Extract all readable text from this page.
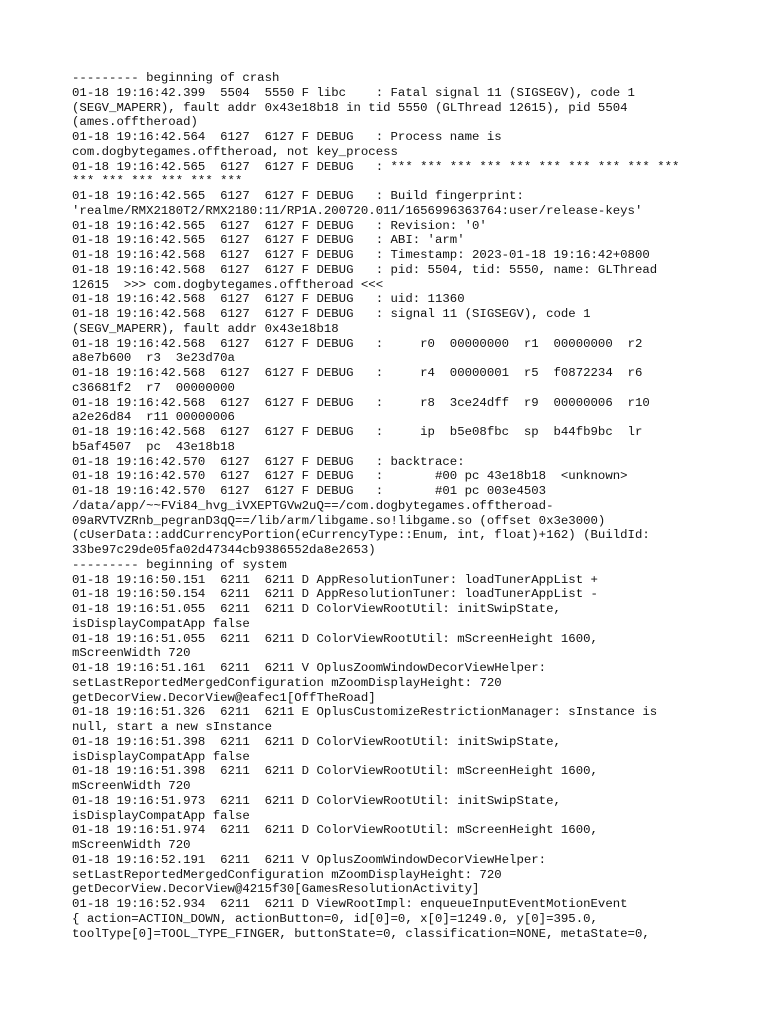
--------- beginning of crash
01-18 19:16:42.399  5504  5550 F libc    : Fatal signal 11 (SIGSEGV), code 1
(SEGV_MAPERR), fault addr 0x43e18b18 in tid 5550 (GLThread 12615), pid 5504
(ames.offtheroad)
01-18 19:16:42.564  6127  6127 F DEBUG   : Process name is
com.dogbytegames.offtheroad, not key_process
01-18 19:16:42.565  6127  6127 F DEBUG   : *** *** *** *** *** *** *** *** *** ***
*** *** *** *** *** ***
01-18 19:16:42.565  6127  6127 F DEBUG   : Build fingerprint:
'realme/RMX2180T2/RMX2180:11/RP1A.200720.011/1656996363764:user/release-keys'
01-18 19:16:42.565  6127  6127 F DEBUG   : Revision: '0'
01-18 19:16:42.565  6127  6127 F DEBUG   : ABI: 'arm'
01-18 19:16:42.568  6127  6127 F DEBUG   : Timestamp: 2023-01-18 19:16:42+0800
01-18 19:16:42.568  6127  6127 F DEBUG   : pid: 5504, tid: 5550, name: GLThread
12615  >>> com.dogbytegames.offtheroad <<<
01-18 19:16:42.568  6127  6127 F DEBUG   : uid: 11360
01-18 19:16:42.568  6127  6127 F DEBUG   : signal 11 (SIGSEGV), code 1
(SEGV_MAPERR), fault addr 0x43e18b18
01-18 19:16:42.568  6127  6127 F DEBUG   :     r0  00000000  r1  00000000  r2
a8e7b600  r3  3e23d70a
01-18 19:16:42.568  6127  6127 F DEBUG   :     r4  00000001  r5  f0872234  r6
c36681f2  r7  00000000
01-18 19:16:42.568  6127  6127 F DEBUG   :     r8  3ce24dff  r9  00000006  r10
a2e26d84  r11 00000006
01-18 19:16:42.568  6127  6127 F DEBUG   :     ip  b5e08fbc  sp  b44fb9bc  lr
b5af4507  pc  43e18b18
01-18 19:16:42.570  6127  6127 F DEBUG   : backtrace:
01-18 19:16:42.570  6127  6127 F DEBUG   :       #00 pc 43e18b18  <unknown>
01-18 19:16:42.570  6127  6127 F DEBUG   :       #01 pc 003e4503
/data/app/~~FVi84_hvg_iVXEPTGVw2uQ==/com.dogbytegames.offtheroad-
09aRVTVZRnb_pegranD3qQ==/lib/arm/libgame.so!libgame.so (offset 0x3e3000)
(cUserData::addCurrencyPortion(eCurrencyType::Enum, int, float)+162) (BuildId:
33be97c29de05fa02d47344cb9386552da8e2653)
--------- beginning of system
01-18 19:16:50.151  6211  6211 D AppResolutionTuner: loadTunerAppList +
01-18 19:16:50.154  6211  6211 D AppResolutionTuner: loadTunerAppList -
01-18 19:16:51.055  6211  6211 D ColorViewRootUtil: initSwipState,
isDisplayCompatApp false
01-18 19:16:51.055  6211  6211 D ColorViewRootUtil: mScreenHeight 1600,
mScreenWidth 720
01-18 19:16:51.161  6211  6211 V OplusZoomWindowDecorViewHelper:
setLastReportedMergedConfiguration mZoomDisplayHeight: 720
getDecorView.DecorView@eafec1[OffTheRoad]
01-18 19:16:51.326  6211  6211 E OplusCustomizeRestrictionManager: sInstance is
null, start a new sInstance
01-18 19:16:51.398  6211  6211 D ColorViewRootUtil: initSwipState,
isDisplayCompatApp false
01-18 19:16:51.398  6211  6211 D ColorViewRootUtil: mScreenHeight 1600,
mScreenWidth 720
01-18 19:16:51.973  6211  6211 D ColorViewRootUtil: initSwipState,
isDisplayCompatApp false
01-18 19:16:51.974  6211  6211 D ColorViewRootUtil: mScreenHeight 1600,
mScreenWidth 720
01-18 19:16:52.191  6211  6211 V OplusZoomWindowDecorViewHelper:
setLastReportedMergedConfiguration mZoomDisplayHeight: 720
getDecorView.DecorView@4215f30[GamesResolutionActivity]
01-18 19:16:52.934  6211  6211 D ViewRootImpl: enqueueInputEventMotionEvent
{ action=ACTION_DOWN, actionButton=0, id[0]=0, x[0]=1249.0, y[0]=395.0,
toolType[0]=TOOL_TYPE_FINGER, buttonState=0, classification=NONE, metaState=0,
